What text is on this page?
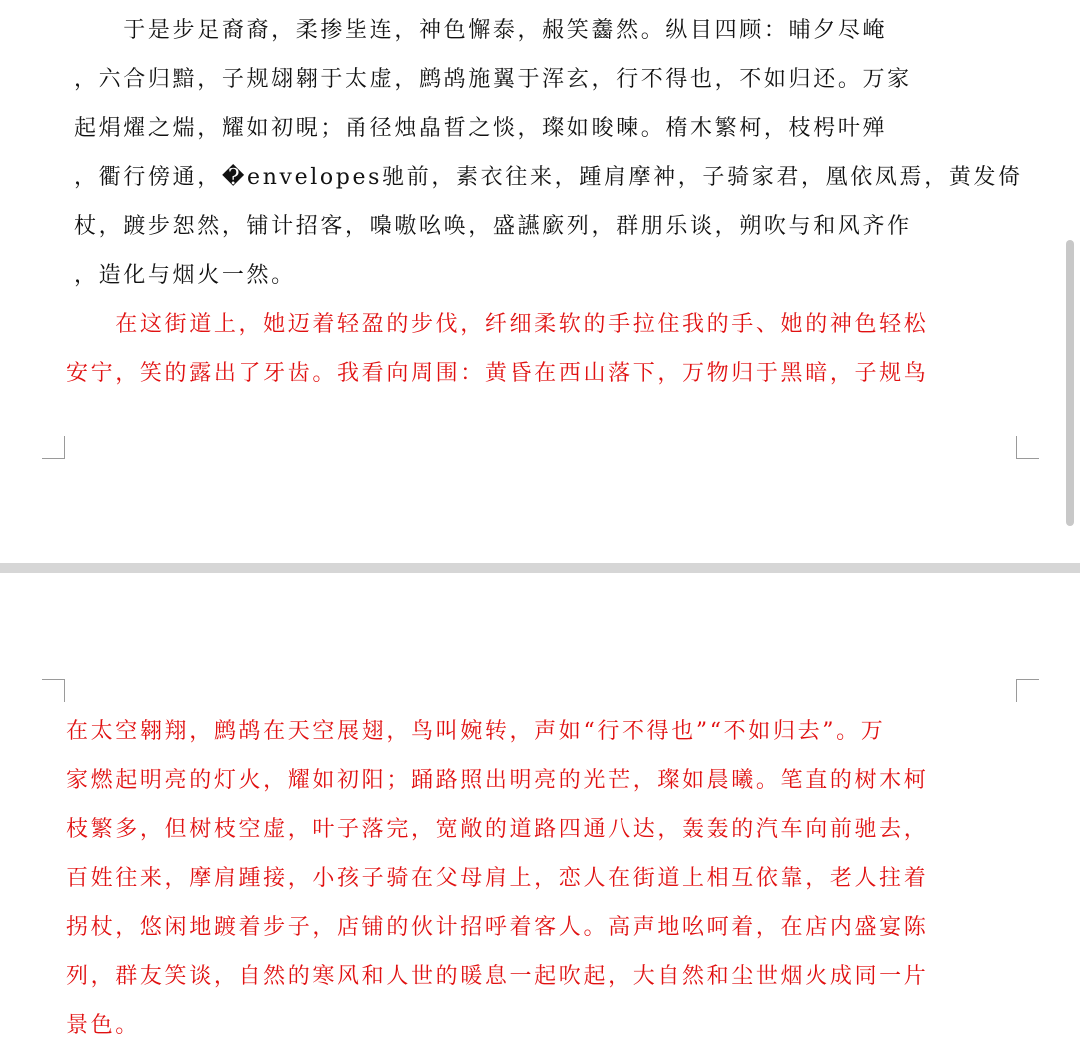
　　于是步足裔裔，柔掺坒连，神色懈泰，赧笑齹然。纵目四顾：晡夕尽崦
，六合归黯，子规翃翱于太虚，鹧鸪施翼于浑玄，行不得也，不如归还。万家
起焆燿之煓，耀如初晛；甬径烛皛晢之惔，璨如晙暕。楕木繁柯，枝枵叶殚
，衢行傍通，�envelopes驰前，素衣往来，踵肩摩衶，子骑家君，凰依凤焉，黄发倚
杖，踱步恕然，铺计招客，嘄嗷吆唤，盛讌廞列，群朋乐谈，朔吹与和风齐作
，造化与烟火一然。
　　在这街道上，她迈着轻盈的步伐，纤细柔软的手拉住我的手、她的神色轻松
安宁，笑的露出了牙齿。我看向周围：黄昏在西山落下，万物归于黑暗，子规鸟
在太空翱翔，鹧鸪在天空展翅，鸟叫婉转，声如“行不得也”“不如归去”。万
家燃起明亮的灯火，耀如初阳；踊路照出明亮的光芒，璨如晨曦。笔直的树木柯
枝繁多，但树枝空虚，叶子落完，宽敞的道路四通八达，轰轰的汽车向前驰去，
百姓往来，摩肩踵接，小孩子骑在父母肩上，恋人在街道上相互依靠，老人拄着
拐杖，悠闲地踱着步子，店铺的伙计招呼着客人。高声地吆呵着，在店内盛宴陈
列，群友笑谈，自然的寒风和人世的暖息一起吹起，大自然和尘世烟火成同一片
景色。
